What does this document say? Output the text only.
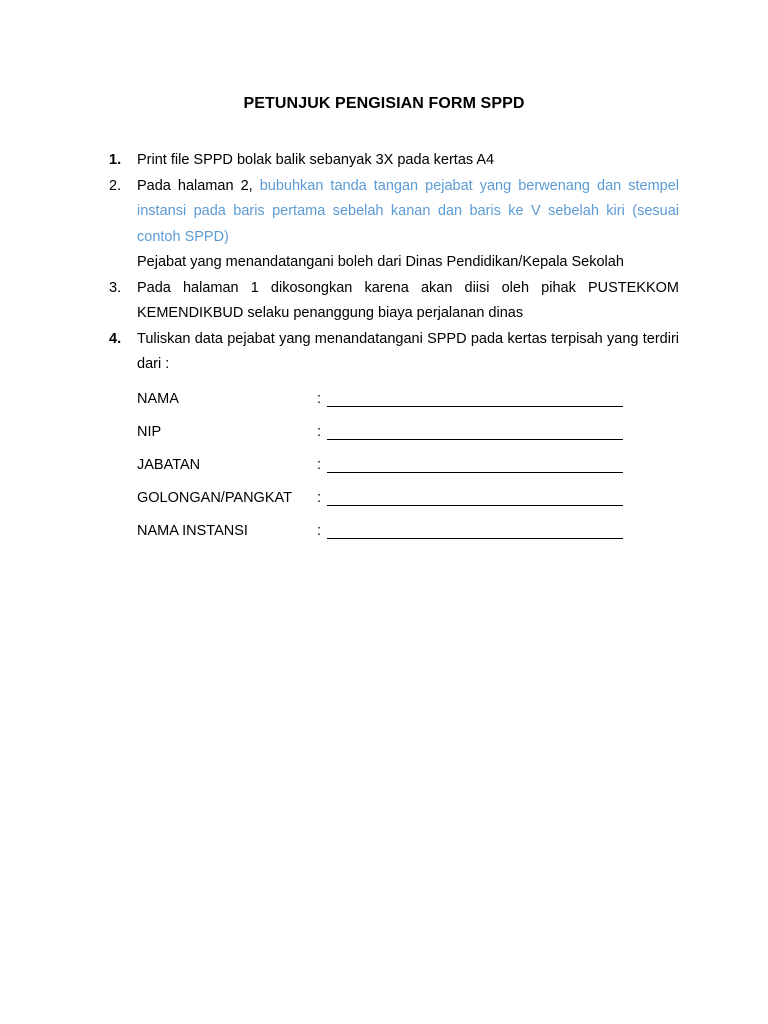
PETUNJUK PENGISIAN FORM SPPD
1.	Print file SPPD bolak balik sebanyak 3X pada kertas A4
2.	Pada halaman 2, bubuhkan tanda tangan pejabat yang berwenang dan stempel instansi pada baris pertama sebelah kanan dan baris ke V sebelah kiri (sesuai contoh SPPD)
Pejabat yang menandatangani boleh dari Dinas Pendidikan/Kepala Sekolah
3.	Pada halaman 1 dikosongkan karena akan diisi oleh pihak PUSTEKKOM KEMENDIKBUD selaku penanggung biaya perjalanan dinas
4.	Tuliskan data pejabat yang menandatangani SPPD pada kertas terpisah yang terdiri dari :
NAMA	:
NIP	:
JABATAN	:
GOLONGAN/PANGKAT	:
NAMA INSTANSI	:
